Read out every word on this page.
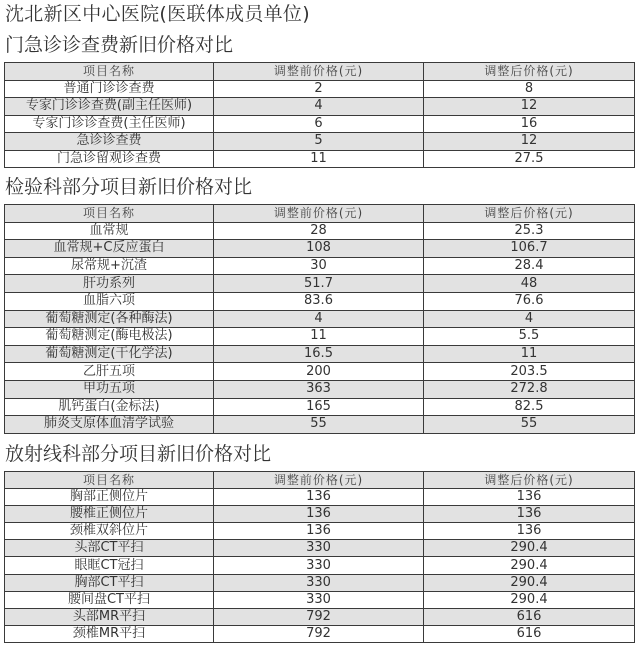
沈北新区中心医院(医联体成员单位)
门急诊诊查费新旧价格对比
项目名称	调整前价格(元)	调整后价格(元)
普通门诊诊查费	2	8
专家门诊诊查费(副主任医师)	4	12
专家门诊诊查费(主任医师)	6	16
急诊诊查费	5	12
门急诊留观诊查费	11	27.5
检验科部分项目新旧价格对比
项目名称	调整前价格(元)	调整后价格(元)
血常规	28	25.3
血常规+C反应蛋白	108	106.7
尿常规+沉渣	30	28.4
肝功系列	51.7	48
血脂六项	83.6	76.6
葡萄糖测定(各种酶法)	4	4
葡萄糖测定(酶电极法)	11	5.5
葡萄糖测定(干化学法)	16.5	11
乙肝五项	200	203.5
甲功五项	363	272.8
肌钙蛋白(金标法)	165	82.5
肺炎支原体血清学试验	55	55
放射线科部分项目新旧价格对比
项目名称	调整前价格(元)	调整后价格(元)
胸部正侧位片	136	136
腰椎正侧位片	136	136
颈椎双斜位片	136	136
头部CT平扫	330	290.4
眼眶CT冠扫	330	290.4
胸部CT平扫	330	290.4
腰间盘CT平扫	330	290.4
头部MR平扫	792	616
颈椎MR平扫	792	616
